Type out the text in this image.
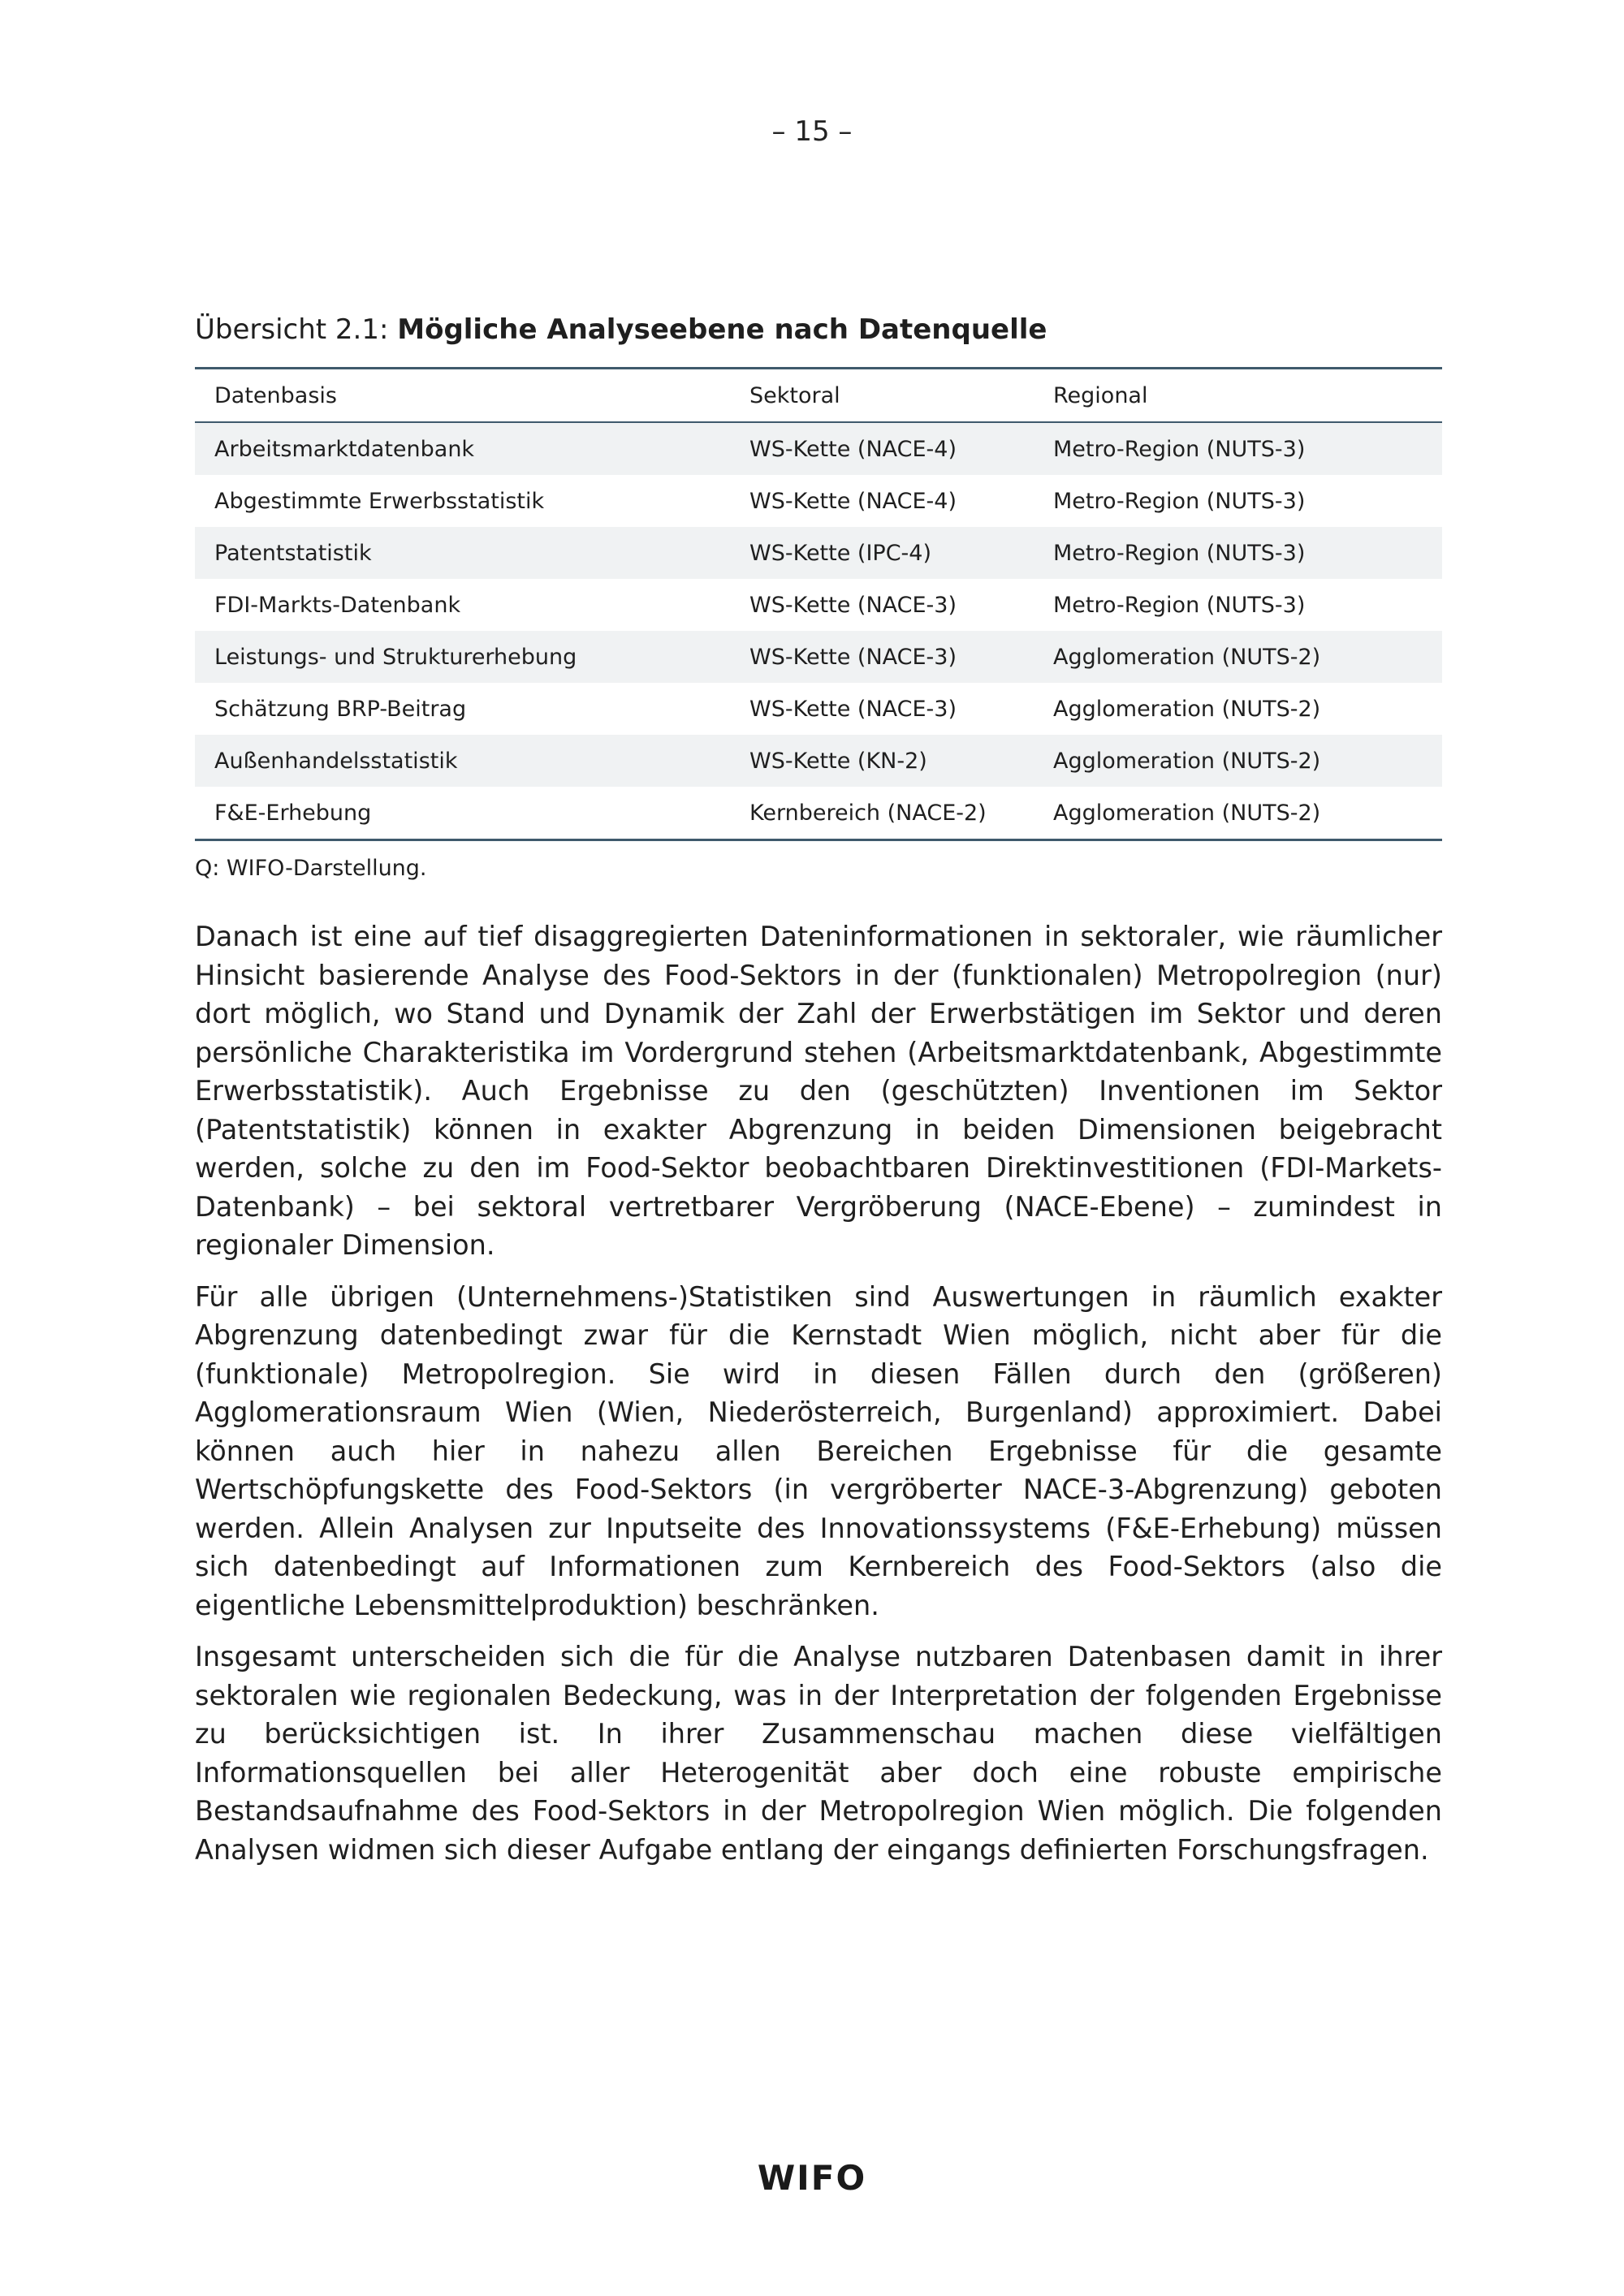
– 15 –
Übersicht 2.1: Mögliche Analyseebene nach Datenquelle
Datenbasis	Sektoral	Regional
Arbeitsmarktdatenbank	WS-Kette (NACE-4)	Metro-Region (NUTS-3)
Abgestimmte Erwerbsstatistik	WS-Kette (NACE-4)	Metro-Region (NUTS-3)
Patentstatistik	WS-Kette (IPC-4)	Metro-Region (NUTS-3)
FDI-Markts-Datenbank	WS-Kette (NACE-3)	Metro-Region (NUTS-3)
Leistungs- und Strukturerhebung	WS-Kette (NACE-3)	Agglomeration (NUTS-2)
Schätzung BRP-Beitrag	WS-Kette (NACE-3)	Agglomeration (NUTS-2)
Außenhandelsstatistik	WS-Kette (KN-2)	Agglomeration (NUTS-2)
F&E-Erhebung	Kernbereich (NACE-2)	Agglomeration (NUTS-2)
Q: WIFO-Darstellung.

Danach ist eine auf tief disaggregierten Dateninformationen in sektoraler, wie räumlicher Hinsicht basierende Analyse des Food-Sektors in der (funktionalen) Metropolregion (nur) dort möglich, wo Stand und Dynamik der Zahl der Erwerbstätigen im Sektor und deren persönliche Charakteristika im Vordergrund stehen (Arbeitsmarktdatenbank, Abgestimmte Erwerbsstatistik). Auch Ergebnisse zu den (geschützten) Inventionen im Sektor (Patentstatistik) können in exakter Abgrenzung in beiden Dimensionen beigebracht werden, solche zu den im Food-Sektor beobachtbaren Direktinvestitionen (FDI-Markets-Datenbank) – bei sektoral vertretbarer Vergröberung (NACE-Ebene) – zumindest in regionaler Dimension.

Für alle übrigen (Unternehmens-)Statistiken sind Auswertungen in räumlich exakter Abgrenzung datenbedingt zwar für die Kernstadt Wien möglich, nicht aber für die (funktionale) Metropolregion. Sie wird in diesen Fällen durch den (größeren) Agglomerationsraum Wien (Wien, Niederösterreich, Burgenland) approximiert. Dabei können auch hier in nahezu allen Bereichen Ergebnisse für die gesamte Wertschöpfungskette des Food-Sektors (in vergröberter NACE-3-Abgrenzung) geboten werden. Allein Analysen zur Inputseite des Innovationssystems (F&E-Erhebung) müssen sich datenbedingt auf Informationen zum Kernbereich des Food-Sektors (also die eigentliche Lebensmittelproduktion) beschränken.

Insgesamt unterscheiden sich die für die Analyse nutzbaren Datenbasen damit in ihrer sektoralen wie regionalen Bedeckung, was in der Interpretation der folgenden Ergebnisse zu berücksichtigen ist. In ihrer Zusammenschau machen diese vielfältigen Informationsquellen bei aller Heterogenität aber doch eine robuste empirische Bestandsaufnahme des Food-Sektors in der Metropolregion Wien möglich. Die folgenden Analysen widmen sich dieser Aufgabe entlang der eingangs definierten Forschungsfragen.

WIFO
